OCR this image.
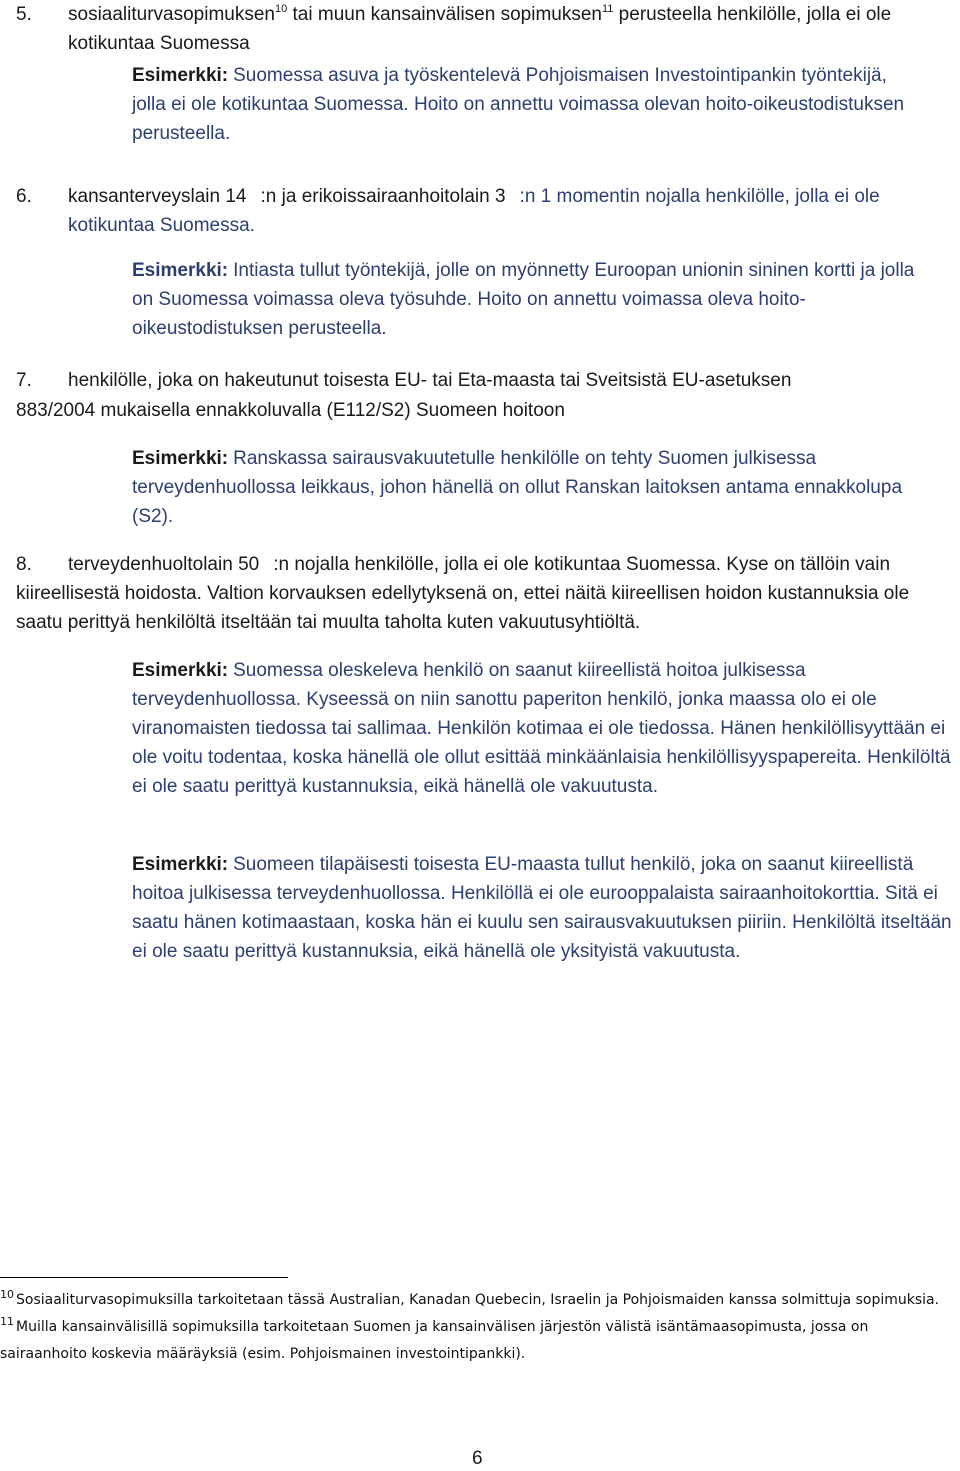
5. sosiaaliturvasopimuksen$^{10}$ tai muun kansainvälisen sopimuksen$^{11}$ perusteella henkilölle, jolla ei ole kotikuntaa Suomessa
Esimerkki: Suomessa asuva ja työskentelevä Pohjoismaisen Investointipankin työntekijä, jolla ei ole kotikuntaa Suomessa. Hoito on annettu voimassa olevan hoito-oikeustodistuksen perusteella.
6. kansanterveyslain 14 :n ja erikoissairaanhoitolain 3 :n 1 momentin nojalla henkilölle, jolla ei ole kotikuntaa Suomessa.
Esimerkki: Intiasta tullut työntekijä, jolle on myönnetty Euroopan unionin sininen kortti ja jolla on Suomessa voimassa oleva työsuhde. Hoito on annettu voimassa oleva hoito-oikeustodistuksen perusteella.
7. henkilölle, joka on hakeutunut toisesta EU- tai Eta-maasta tai Sveitsistä EU-asetuksen
883/2004 mukaisella ennakkoluvalla (E112/S2) Suomeen hoitoon
Esimerkki: Ranskassa sairausvakuutetulle henkilölle on tehty Suomen julkisessa terveydenhuollossa leikkaus, johon hänellä on ollut Ranskan laitoksen antama ennakkolupa (S2).
8.	terveydenhuoltolain 50 :n nojalla henkilölle, jolla ei ole kotikuntaa Suomessa. Kyse on tällöin vain kiireellisestä hoidosta. Valtion korvauksen edellytyksenä on, ettei näitä kiireellisen hoidon kustannuksia ole saatu perittyä henkilöltä itseltään tai muulta taholta kuten vakuutusyhtiöltä.
Esimerkki: Suomessa oleskeleva henkilö on saanut kiireellistä hoitoa julkisessa terveydenhuollossa. Kyseessä on niin sanottu paperiton henkilö, jonka maassa olo ei ole viranomaisten tiedossa tai sallimaa. Henkilön kotimaa ei ole tiedossa. Hänen henkilöllisyyttään ei ole voitu todentaa, koska hänellä ole ollut esittää minkäänlaisia henkilöllisyyspapereita. Henkilöltä ei ole saatu perittyä kustannuksia, eikä hänellä ole vakuutusta.
Esimerkki: Suomeen tilapäisesti toisesta EU-maasta tullut henkilö, joka on saanut kiireellistä hoitoa julkisessa terveydenhuollossa. Henkilöllä ei ole eurooppalaista sairaanhoitokorttia. Sitä ei saatu hänen kotimaastaan, koska hän ei kuulu sen sairausvakuutuksen piiriin. Henkilöltä itseltään ei ole saatu perittyä kustannuksia, eikä hänellä ole yksityistä vakuutusta.
$^{10}$ Sosiaaliturvasopimuksilla tarkoitetaan tässä Australian, Kanadan Quebecin, Israelin ja Pohjoismaiden kanssa solmittuja sopimuksia.
$^{11}$ Muilla kansainvälisillä sopimuksilla tarkoitetaan Suomen ja kansainvälisen järjestön välistä isäntämaasopimusta, jossa on sairaanhoito koskevia määräyksiä (esim. Pohjoismainen investointipankki).
6
